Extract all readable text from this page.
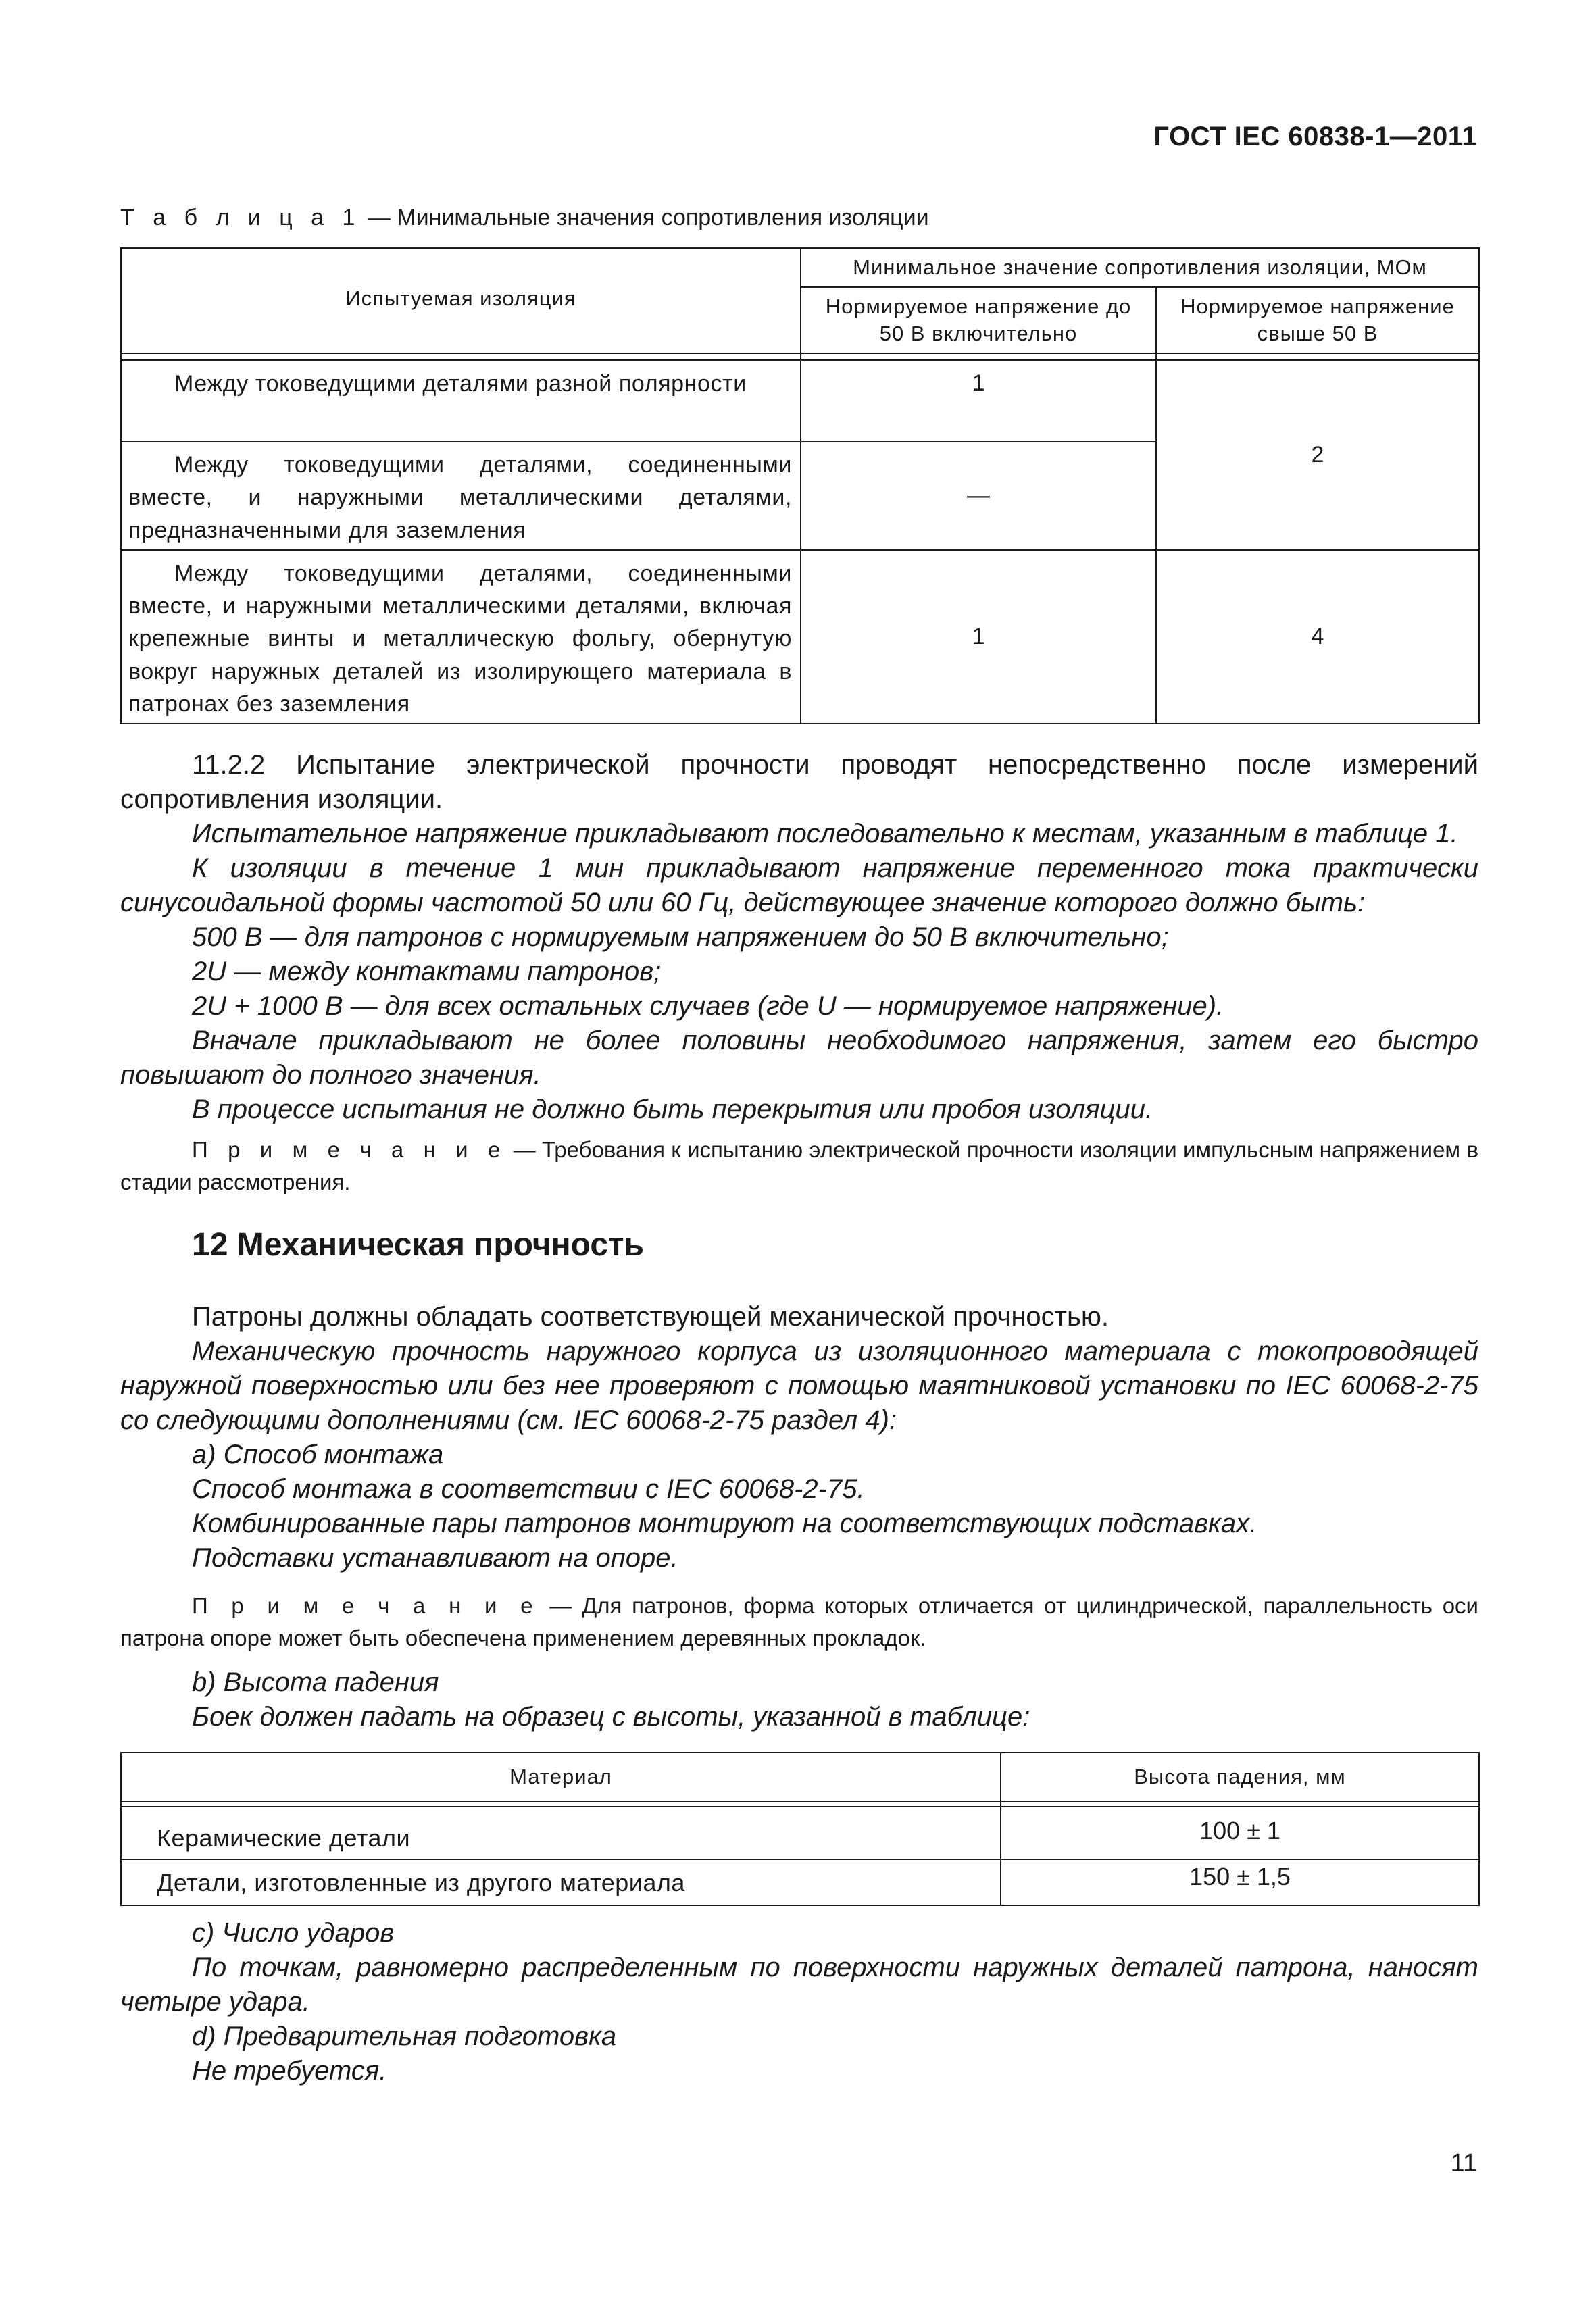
ГОСТ IEC 60838-1—2011
Т а б л и ц а 1 — Минимальные значения сопротивления изоляции
Испытуемая изоляция	Минимальное значение сопротивления изоляции, МОм	
	Нормируемое напряжение до 50 В включительно	Нормируемое напряжение свыше 50 В

Между токоведущими деталями разной полярности	1	2

Между токоведущими деталями, соединенными вместе, и наружными металлическими деталями, предназначенными для заземления	—	

Между токоведущими деталями, соединенными вместе, и наружными металлическими деталями, включая крепежные винты и металлическую фольгу, обернутую вокруг наружных деталей из изолирующего материала в патронах без заземления	1	4

11.2.2 Испытание электрической прочности проводят непосредственно после измерений сопротивления изоляции.

Испытательное напряжение прикладывают последовательно к местам, указанным в таблице 1.

К изоляции в течение 1 мин прикладывают напряжение переменного тока практически синусоидальной формы частотой 50 или 60 Гц, действующее значение которого должно быть:

500 В — для патронов с нормируемым напряжением до 50 В включительно;

2U — между контактами патронов;

2U + 1000 В — для всех остальных случаев (где U — нормируемое напряжение).

Вначале прикладывают не более половины необходимого напряжения, затем его быстро повышают до полного значения.

В процессе испытания не должно быть перекрытия или пробоя изоляции.

П р и м е ч а н и е — Требования к испытанию электрической прочности изоляции импульсным напряжением в стадии рассмотрения.
12 Механическая прочность

Патроны должны обладать соответствующей механической прочностью.

Механическую прочность наружного корпуса из изоляционного материала с токопроводящей наружной поверхностью или без нее проверяют с помощью маятниковой установки по IEC 60068-2-75 со следующими дополнениями (см. IEC 60068-2-75 раздел 4):

a) Способ монтажа

Способ монтажа в соответствии с IEC 60068-2-75.

Комбинированные пары патронов монтируют на соответствующих подставках.

Подставки устанавливают на опоре.

П р и м е ч а н и е — Для патронов, форма которых отличается от цилиндрической, параллельность оси патрона опоре может быть обеспечена применением деревянных прокладок.

b) Высота падения

Боек должен падать на образец с высоты, указанной в таблице:

Материал	Высота падения, мм

Керамические детали	100 ± 1
Детали, изготовленные из другого материала	150 ± 1,5

c) Число ударов

По точкам, равномерно распределенным по поверхности наружных деталей патрона, наносят четыре удара.

d) Предварительная подготовка

Не требуется.

11
